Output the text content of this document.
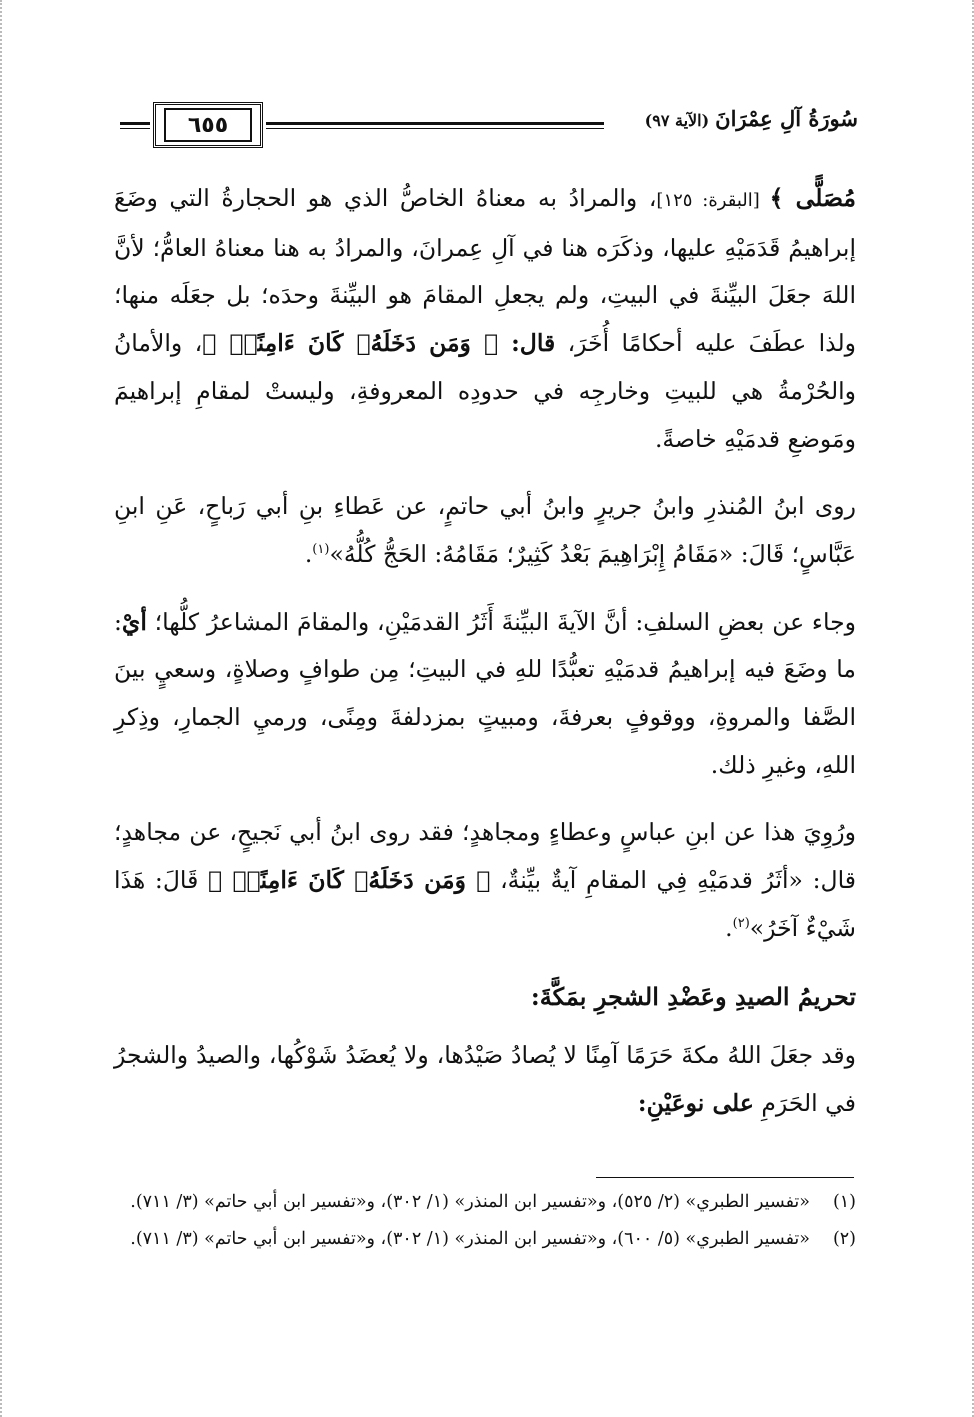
٦٥٥	سُورَةُ آلِ عِمْرَانَ(الآية ٩٧)

مُصَلًّى ﴾ [البقرة: ١٢٥]، والمرادُ به معناهُ الخاصُّ الذي هو الحجارةُ التي وضَعَ إبراهيمُ قَدَمَيْهِ عليها، وذكَرَه هنا في آلِ عِمرانَ، والمرادُ به هنا معناهُ العامُّ؛ لأنَّ اللهَ جعَلَ البيِّنةَ في البيتِ، ولم يجعلِ المقامَ هو البيِّنةَ وحدَه؛ بل جعَلَه منها؛ ولذا عطَفَ عليه أحكامًا أُخَرَ، قال: ﴿ وَمَن دَخَلَهُۥ كَانَ ءَامِنًاۗ ﴾، والأمانُ والحُرْمةُ هي للبيتِ وخارجِه في حدودِه المعروفةِ، وليستْ لمقامِ إبراهيمَ ومَوضعِ قدمَيْهِ خاصةً.

روى ابنُ المُنذرِ وابنُ جريرٍ وابنُ أبي حاتمٍ، عن عَطاءِ بنِ أبي رَباحٍ، عَنِ ابنِ عَبَّاسٍ؛ قَالَ: «مَقَامُ إِبْرَاهِيمَ بَعْدُ كَثِيرٌ؛ مَقَامُهُ: الحَجُّ كُلُّهُ»$^{(١)}$.

وجاء عن بعضِ السلفِ: أنَّ الآيةَ البيِّنةَ أَثَرُ القدمَيْنِ، والمقامَ المشاعرُ كلُّها؛ أيْ: ما وضَعَ فيه إبراهيمُ قدمَيْهِ تعبُّدًا للهِ في البيتِ؛ مِن طوافٍ وصلاةٍ، وسعيٍ بينَ الصَّفا والمروةِ، ووقوفٍ بعرفةَ، ومبيتٍ بمزدلفةَ ومِنًى، ورميِ الجمارِ، وذِكرِ اللهِ، وغيرِ ذلك.

ورُوِيَ هذا عن ابنِ عباسٍ وعطاءٍ ومجاهدٍ؛ فقد روى ابنُ أبي نَجيحٍ، عن مجاهدٍ؛ قال: «أثَرُ قدمَيْهِ فِي المقامِ آيةٌ بيِّنةٌ، ﴿ وَمَن دَخَلَهُۥ كَانَ ءَامِنًاۗ ﴾ قَالَ: هَذَا شَيْءٌ آخَرُ»$^{(٢)}$.

تحريمُ الصيدِ وعَضْدِ الشجرِ بمَكَّةَ:

وقد جعَلَ اللهُ مكةَ حَرَمًا آمِنًا لا يُصادُ صَيْدُها، ولا يُعضَدُ شَوْكُها، والصيدُ والشجرُ في الحَرَمِ على نوعَيْنِ:

(١)
«تفسير الطبري» (٢/ ٥٢٥)، و«تفسير ابن المنذر» (١/ ٣٠٢)، و«تفسير ابن أبي حاتم» (٣/ ٧١١).
(٢)
«تفسير الطبري» (٥/ ٦٠٠)، و«تفسير ابن المنذر» (١/ ٣٠٢)، و«تفسير ابن أبي حاتم» (٣/ ٧١١).
